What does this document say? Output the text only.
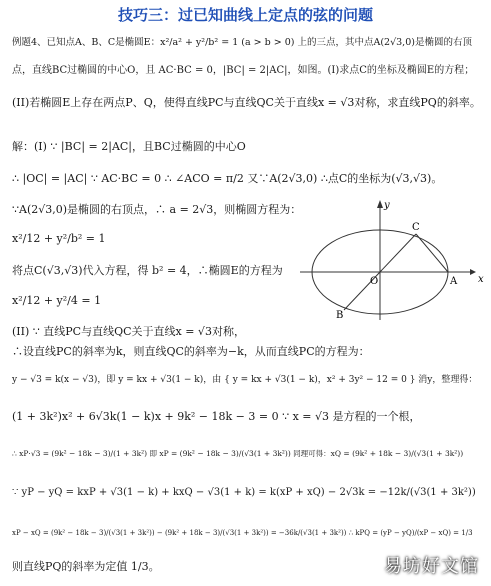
技巧三：过已知曲线上定点的弦的问题
例题4、已知点A、B、C是椭圆E：x²/a² + y²/b² = 1 (a > b > 0) 上的三点，其中点A(2√3,0)是椭圆的右顶
点，直线BC过椭圆的中心O，且 AC·BC = 0，|BC| = 2|AC|，如图。(I)求点C的坐标及椭圆E的方程；
(II)若椭圆E上存在两点P、Q，使得直线PC与直线QC关于直线x = √3对称，求直线PQ的斜率。
解：(I) ∵ |BC| = 2|AC|，且BC过椭圆的中心O
∴ |OC| = |AC| ∵ AC·BC = 0 ∴ ∠ACO = π/2 又∵A(2√3,0) ∴点C的坐标为(√3,√3)。
∵A(2√3,0)是椭圆的右顶点，∴ a = 2√3，则椭圆方程为：
x²/12 + y²/b² = 1
将点C(√3,√3)代入方程，得 b² = 4，∴椭圆E的方程为
x²/12 + y²/4 = 1
(II) ∵ 直线PC与直线QC关于直线x = √3对称，
∴设直线PC的斜率为k，则直线QC的斜率为−k，从而直线PC的方程为：
y − √3 = k(x − √3)，即 y = kx + √3(1 − k)，由 { y = kx + √3(1 − k)，x² + 3y² − 12 = 0 } 消y，整理得：
(1 + 3k²)x² + 6√3k(1 − k)x + 9k² − 18k − 3 = 0 ∵ x = √3 是方程的一个根，
∴ xP·√3 = (9k² − 18k − 3)/(1 + 3k²) 即 xP = (9k² − 18k − 3)/(√3(1 + 3k²)) 同理可得：xQ = (9k² + 18k − 3)/(√3(1 + 3k²))
∵ yP − yQ = kxP + √3(1 − k) + kxQ − √3(1 + k) = k(xP + xQ) − 2√3k = −12k/(√3(1 + 3k²))
xP − xQ = (9k² − 18k − 3)/(√3(1 + 3k²)) − (9k² + 18k − 3)/(√3(1 + 3k²)) = −36k/(√3(1 + 3k²)) ∴ kPQ = (yP − yQ)/(xP − xQ) = 1/3
则直线PQ的斜率为定值 1/3。
y
x
C
O	A
B
易坊好文馆
